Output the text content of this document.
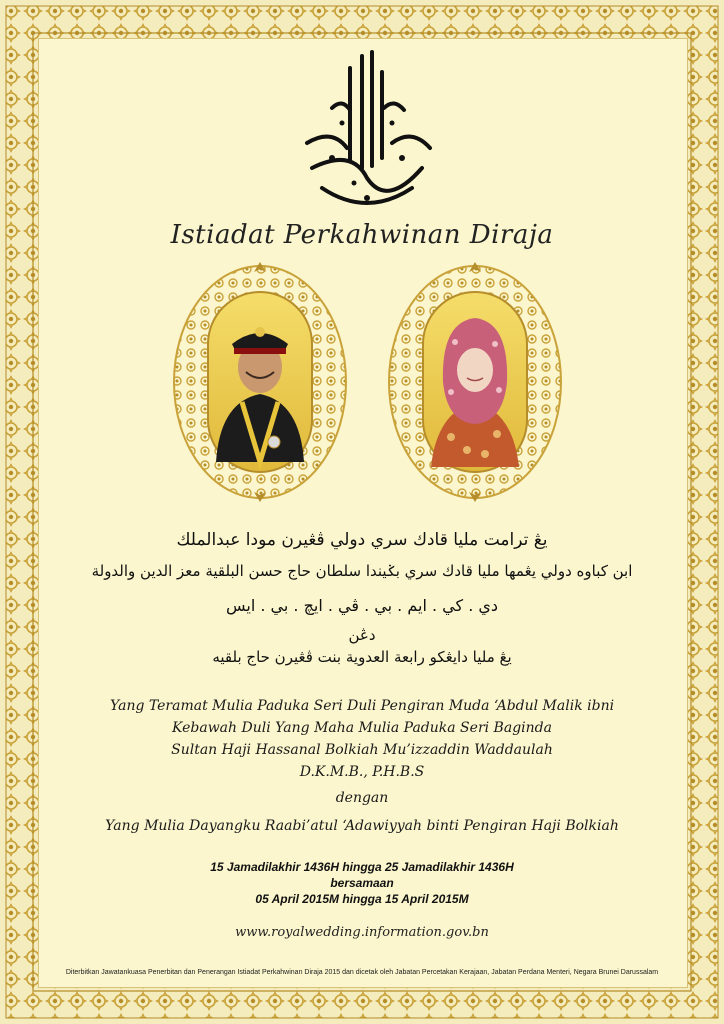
Istiadat Perkahwinan Diraja
يڠ ترامت مليا قادك سري دولي ڤڠيرن مودا عبدالملك
ابن كباوه دولي يڠمها مليا قادك سري بݢيندا سلطان حاج حسن البلقية معز الدين والدولة
دي . كي . ايم . بي . ڤي . ايچ . بي . ايس
دڠن
يڠ مليا دايڠكو رابعة العدوية بنت ڤڠيرن حاج بلقيه
Yang Teramat Mulia Paduka Seri Duli Pengiran Muda ‘Abdul Malik ibni
Kebawah Duli Yang Maha Mulia Paduka Seri Baginda
Sultan Haji Hassanal Bolkiah Mu’izzaddin Waddaulah
D.K.M.B., P.H.B.S
dengan
Yang Mulia Dayangku Raabi’atul ‘Adawiyyah binti Pengiran Haji Bolkiah
15 Jamadilakhir 1436H hingga 25 Jamadilakhir 1436H
bersamaan
05 April 2015M hingga 15 April 2015M
www.royalwedding.information.gov.bn
Diterbitkan Jawatankuasa Penerbitan dan Penerangan Istiadat Perkahwinan Diraja 2015 dan dicetak oleh Jabatan Percetakan Kerajaan, Jabatan Perdana Menteri, Negara Brunei Darussalam
